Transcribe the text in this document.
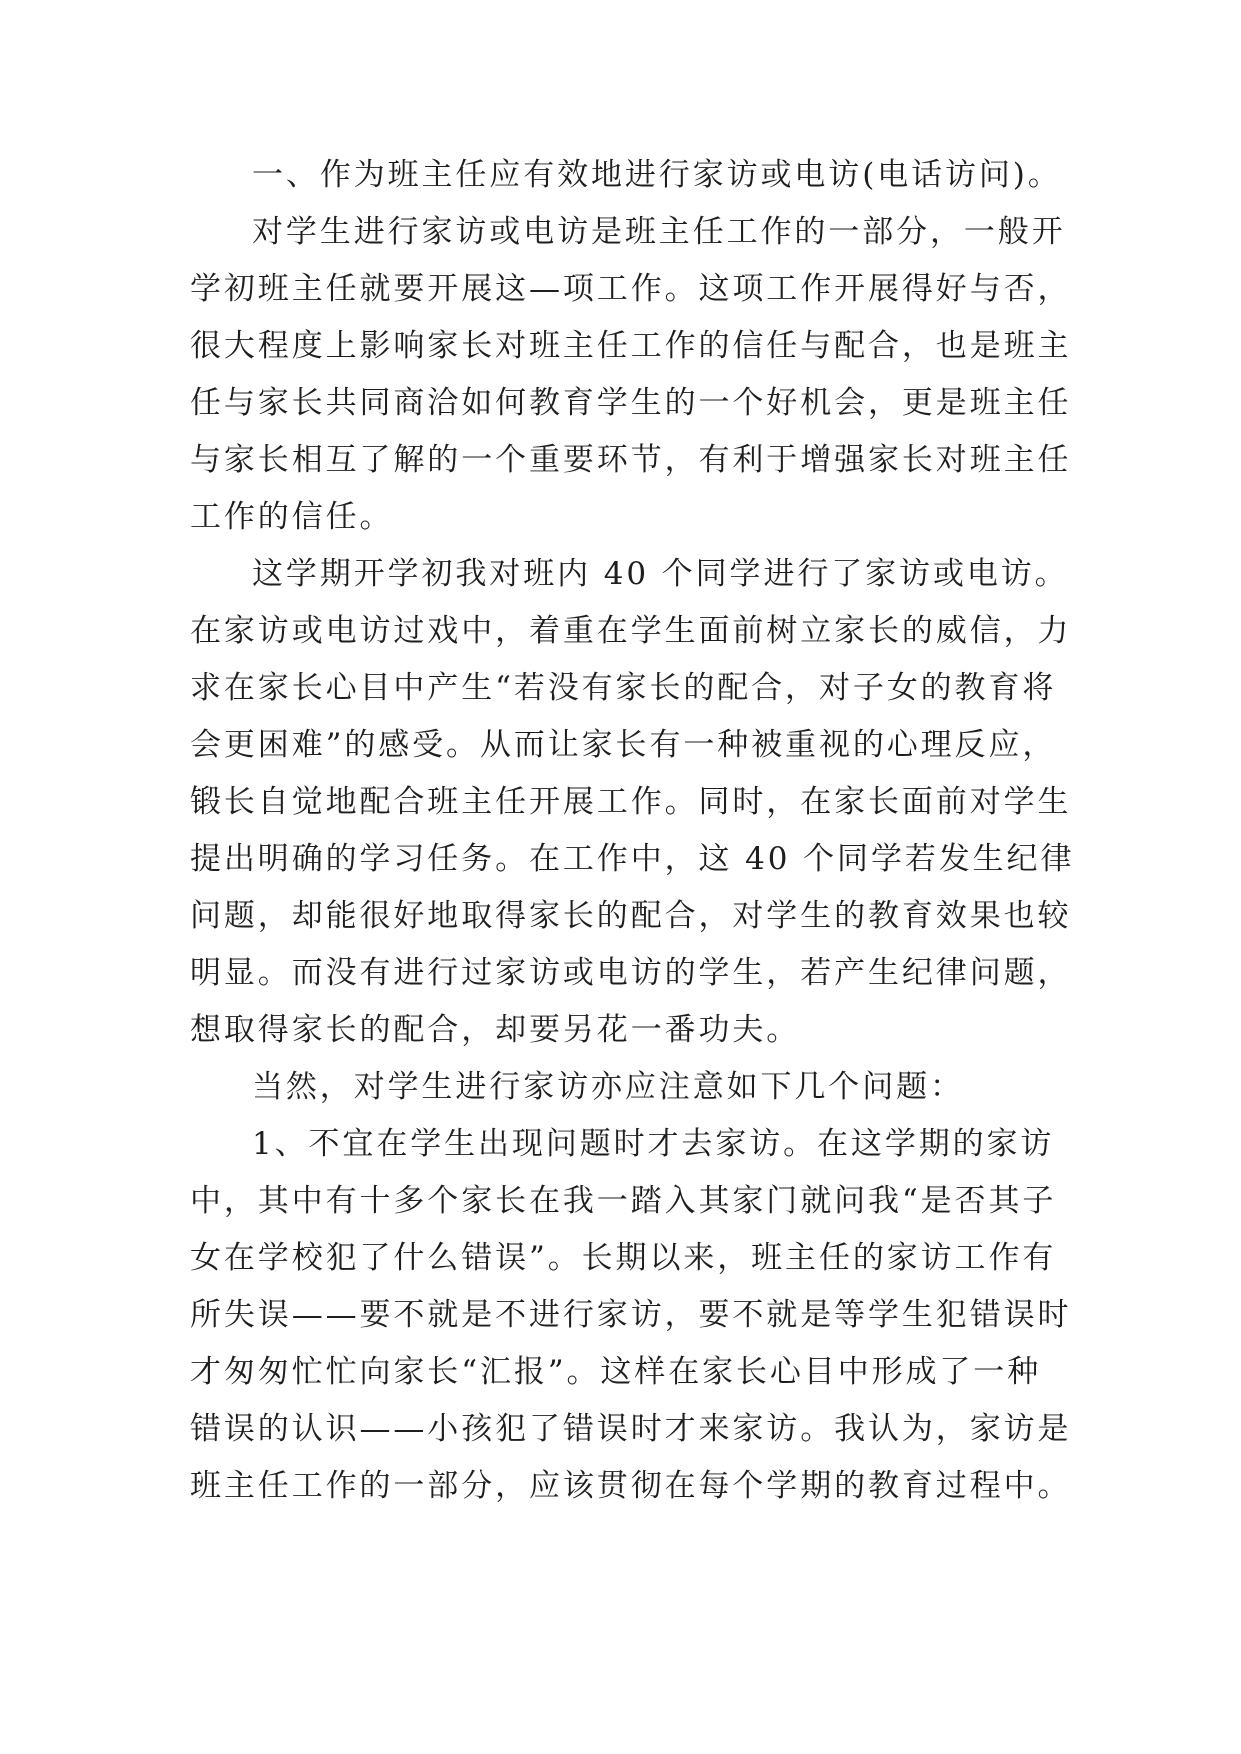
一、作为班主任应有效地进行家访或电访(电话访问)。
对学生进行家访或电访是班主任工作的一部分，一般开
学初班主任就要开展这—项工作。这项工作开展得好与否，
很大程度上影响家长对班主任工作的信任与配合，也是班主
任与家长共同商洽如何教育学生的一个好机会，更是班主任
与家长相互了解的一个重要环节，有利于增强家长对班主任
工作的信任。
这学期开学初我对班内 40 个同学进行了家访或电访。
在家访或电访过戏中，着重在学生面前树立家长的威信，力
求在家长心目中产生“若没有家长的配合，对子女的教育将
会更困难”的感受。从而让家长有一种被重视的心理反应，
锻长自觉地配合班主任开展工作。同时，在家长面前对学生
提出明确的学习任务。在工作中，这 40 个同学若发生纪律
问题，却能很好地取得家长的配合，对学生的教育效果也较
明显。而没有进行过家访或电访的学生，若产生纪律问题，
想取得家长的配合，却要另花一番功夫。
当然，对学生进行家访亦应注意如下几个问题：
1、不宜在学生出现问题时才去家访。在这学期的家访
中，其中有十多个家长在我一踏入其家门就问我“是否其子
女在学校犯了什么错误”。长期以来，班主任的家访工作有
所失误——要不就是不进行家访，要不就是等学生犯错误时
才匆匆忙忙向家长“汇报”。这样在家长心目中形成了一种
错误的认识——小孩犯了错误时才来家访。我认为，家访是
班主任工作的一部分，应该贯彻在每个学期的教育过程中。
